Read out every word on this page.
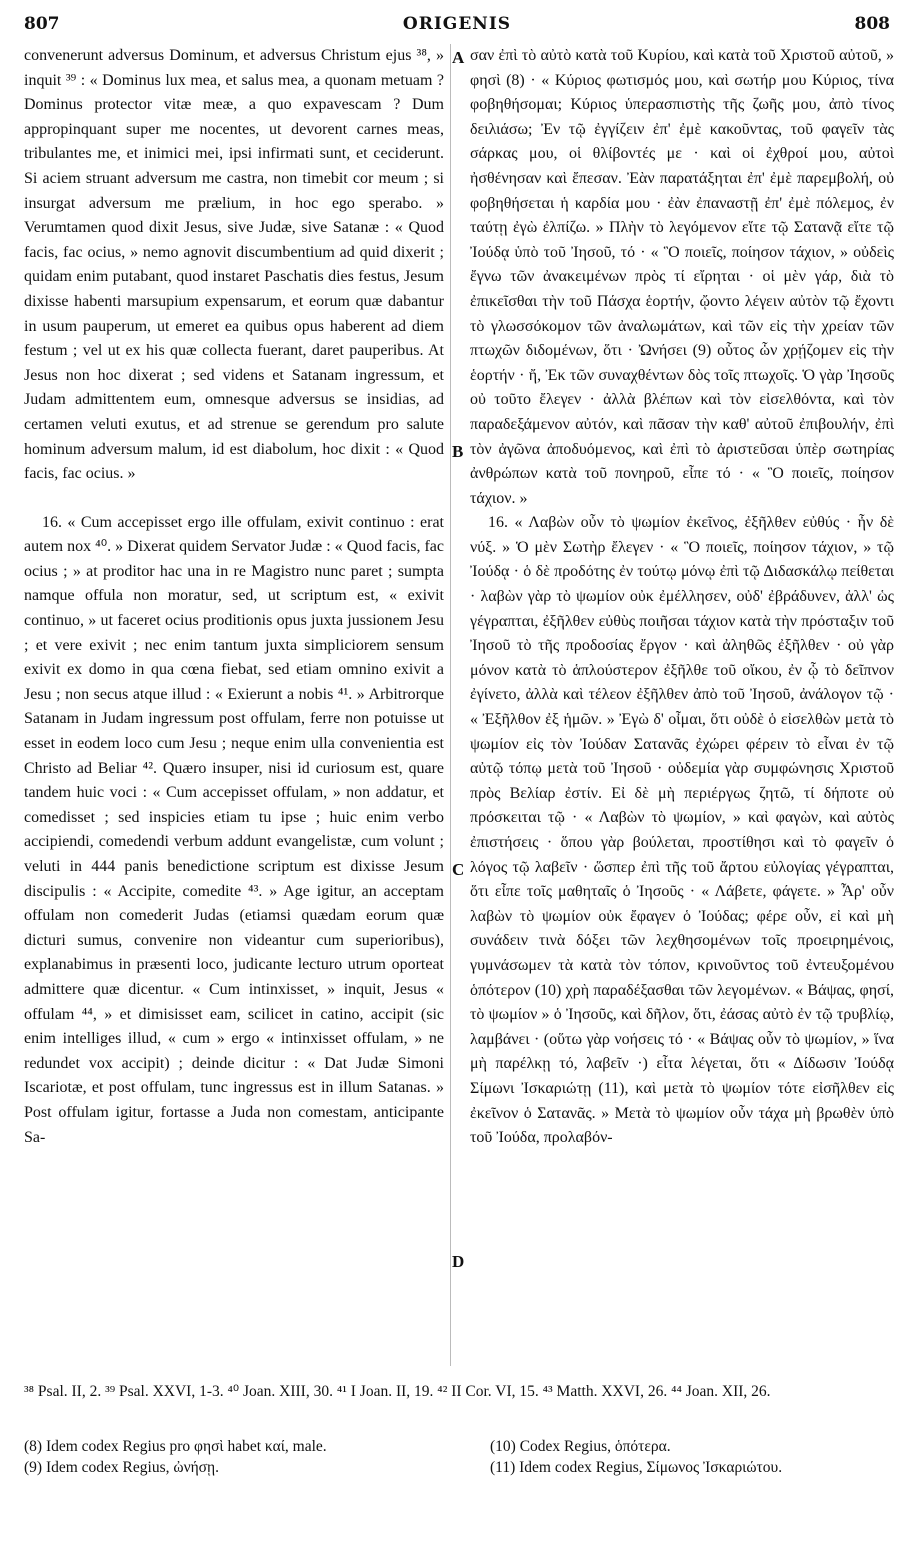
807	ORIGENIS	808
A
B
C
D

convenerunt adversus Dominum, et adversus Christum ejus ³⁸, » inquit ³⁹ : « Dominus lux mea, et salus mea, a quonam metuam ? Dominus protector vitæ meæ, a quo expavescam ? Dum appropinquant super me nocentes, ut devorent carnes meas, tribulantes me, et inimici mei, ipsi infirmati sunt, et ceciderunt. Si aciem struant adversum me castra, non timebit cor meum ; si insurgat adversum me prælium, in hoc ego sperabo. » Verumtamen quod dixit Jesus, sive Judæ, sive Satanæ : « Quod facis, fac ocius, » nemo agnovit discumbentium ad quid dixerit ; quidam enim putabant, quod instaret Paschatis dies festus, Jesum dixisse habenti marsupium expensarum, et eorum quæ dabantur in usum pauperum, ut emeret ea quibus opus haberent ad diem festum ; vel ut ex his quæ collecta fuerant, daret pauperibus. At Jesus non hoc dixerat ; sed videns et Satanam ingressum, et Judam admittentem eum, omnesque adversus se insidias, ad certamen veluti exutus, et ad strenue se gerendum pro salute hominum adversum malum, id est diabolum, hoc dixit : « Quod facis, fac ocius. »

16. « Cum accepisset ergo ille offulam, exivit continuo : erat autem nox ⁴⁰. » Dixerat quidem Servator Judæ : « Quod facis, fac ocius ; » at proditor hac una in re Magistro nunc paret ; sumpta namque offula non moratur, sed, ut scriptum est, « exivit continuo, » ut faceret ocius proditionis opus juxta jussionem Jesu ; et vere exivit ; nec enim tantum juxta simpliciorem sensum exivit ex domo in qua cœna fiebat, sed etiam omnino exivit a Jesu ; non secus atque illud : « Exierunt a nobis ⁴¹. » Arbitrorque Satanam in Judam ingressum post offulam, ferre non potuisse ut esset in eodem loco cum Jesu ; neque enim ulla convenientia est Christo ad Beliar ⁴². Quæro insuper, nisi id curiosum est, quare tandem huic voci : « Cum accepisset offulam, » non addatur, et comedisset ; sed inspicies etiam tu ipse ; huic enim verbo accipiendi, comedendi verbum addunt evangelistæ, cum volunt ; veluti in 444 panis benedictione scriptum est dixisse Jesum discipulis : « Accipite, comedite ⁴³. » Age igitur, an acceptam offulam non comederit Judas (etiamsi quædam eorum quæ dicturi sumus, convenire non videantur cum superioribus), explanabimus in præsenti loco, judicante lecturo utrum oporteat admittere quæ dicentur. « Cum intinxisset, » inquit, Jesus « offulam ⁴⁴, » et dimisisset eam, scilicet in catino, accipit (sic enim intelliges illud, « cum » ergo « intinxisset offulam, » ne redundet vox accipit) ; deinde dicitur : « Dat Judæ Simoni Iscariotæ, et post offulam, tunc ingressus est in illum Satanas. » Post offulam igitur, fortasse a Juda non comestam, anticipante Sa-

σαν ἐπὶ τὸ αὐτὸ κατὰ τοῦ Κυρίου, καὶ κατὰ τοῦ Χριστοῦ αὐτοῦ, » φησὶ (8) · « Κύριος φωτισμός μου, καὶ σωτήρ μου Κύριος, τίνα φοβηθήσομαι; Κύριος ὑπερασπιστὴς τῆς ζωῆς μου, ἀπὸ τίνος δειλιάσω; Ἐν τῷ ἐγγίζειν ἐπ' ἐμὲ κακοῦντας, τοῦ φαγεῖν τὰς σάρκας μου, οἱ θλίβοντές με · καὶ οἱ ἐχθροί μου, αὐτοὶ ἠσθένησαν καὶ ἔπεσαν. Ἐὰν παρατάξηται ἐπ' ἐμὲ παρεμβολή, οὐ φοβηθήσεται ἡ καρδία μου · ἐὰν ἐπαναστῇ ἐπ' ἐμὲ πόλεμος, ἐν ταύτῃ ἐγὼ ἐλπίζω. » Πλὴν τὸ λεγόμενον εἴτε τῷ Σατανᾷ εἴτε τῷ Ἰούδᾳ ὑπὸ τοῦ Ἰησοῦ, τό · « Ὃ ποιεῖς, ποίησον τάχιον, » οὐδεὶς ἔγνω τῶν ἀνακειμένων πρὸς τί εἴρηται · οἱ μὲν γάρ, διὰ τὸ ἐπικεῖσθαι τὴν τοῦ Πάσχα ἑορτήν, ᾤοντο λέγειν αὐτὸν τῷ ἔχοντι τὸ γλωσσόκομον τῶν ἀναλωμάτων, καὶ τῶν εἰς τὴν χρείαν τῶν πτωχῶν διδομένων, ὅτι · Ὠνήσει (9) οὗτος ὧν χρῄζομεν εἰς τὴν ἑορτήν · ἤ, Ἐκ τῶν συναχθέντων δὸς τοῖς πτωχοῖς. Ὁ γὰρ Ἰησοῦς οὐ τοῦτο ἔλεγεν · ἀλλὰ βλέπων καὶ τὸν εἰσελθόντα, καὶ τὸν παραδεξάμενον αὐτόν, καὶ πᾶσαν τὴν καθ' αὐτοῦ ἐπιβουλήν, ἐπὶ τὸν ἀγῶνα ἀποδυόμενος, καὶ ἐπὶ τὸ ἀριστεῦσαι ὑπὲρ σωτηρίας ἀνθρώπων κατὰ τοῦ πονηροῦ, εἶπε τό · « Ὃ ποιεῖς, ποίησον τάχιον. »

16. « Λαβὼν οὖν τὸ ψωμίον ἐκεῖνος, ἐξῆλθεν εὐθύς · ἦν δὲ νύξ. » Ὁ μὲν Σωτὴρ ἔλεγεν · « Ὃ ποιεῖς, ποίησον τάχιον, » τῷ Ἰούδᾳ · ὁ δὲ προδότης ἐν τούτῳ μόνῳ ἐπὶ τῷ Διδασκάλῳ πείθεται · λαβὼν γὰρ τὸ ψωμίον οὐκ ἐμέλλησεν, οὐδ' ἐβράδυνεν, ἀλλ' ὡς γέγραπται, ἐξῆλθεν εὐθὺς ποιῆσαι τάχιον κατὰ τὴν πρόσταξιν τοῦ Ἰησοῦ τὸ τῆς προδοσίας ἔργον · καὶ ἀληθῶς ἐξῆλθεν · οὐ γὰρ μόνον κατὰ τὸ ἁπλούστερον ἐξῆλθε τοῦ οἴκου, ἐν ᾧ τὸ δεῖπνον ἐγίνετο, ἀλλὰ καὶ τέλεον ἐξῆλθεν ἀπὸ τοῦ Ἰησοῦ, ἀνάλογον τῷ · « Ἐξῆλθον ἐξ ἡμῶν. » Ἐγὼ δ' οἶμαι, ὅτι οὐδὲ ὁ εἰσελθὼν μετὰ τὸ ψωμίον εἰς τὸν Ἰούδαν Σατανᾶς ἐχώρει φέρειν τὸ εἶναι ἐν τῷ αὐτῷ τόπῳ μετὰ τοῦ Ἰησοῦ · οὐδεμία γὰρ συμφώνησις Χριστοῦ πρὸς Βελίαρ ἐστίν. Εἰ δὲ μὴ περιέργως ζητῶ, τί δήποτε οὐ πρόσκειται τῷ · « Λαβὼν τὸ ψωμίον, » καὶ φαγὼν, καὶ αὐτὸς ἐπιστήσεις · ὅπου γὰρ βούλεται, προστίθησι καὶ τὸ φαγεῖν ὁ λόγος τῷ λαβεῖν · ὥσπερ ἐπὶ τῆς τοῦ ἄρτου εὐλογίας γέγραπται, ὅτι εἶπε τοῖς μαθηταῖς ὁ Ἰησοῦς · « Λάβετε, φάγετε. » Ἆρ' οὖν λαβὼν τὸ ψωμίον οὐκ ἔφαγεν ὁ Ἰούδας; φέρε οὖν, εἰ καὶ μὴ συνάδειν τινὰ δόξει τῶν λεχθησομένων τοῖς προειρημένοις, γυμνάσωμεν τὰ κατὰ τὸν τόπον, κρινοῦντος τοῦ ἐντευξομένου ὁπότερον (10) χρὴ παραδέξασθαι τῶν λεγομένων. « Βάψας, φησί, τὸ ψωμίον » ὁ Ἰησοῦς, καὶ δῆλον, ὅτι, ἐάσας αὐτὸ ἐν τῷ τρυβλίῳ, λαμβάνει · (οὕτω γὰρ νοήσεις τό · « Βάψας οὖν τὸ ψωμίον, » ἵνα μὴ παρέλκῃ τό, λαβεῖν ·) εἶτα λέγεται, ὅτι « Δίδωσιν Ἰούδᾳ Σίμωνι Ἰσκαριώτῃ (11), καὶ μετὰ τὸ ψωμίον τότε εἰσῆλθεν εἰς ἐκεῖνον ὁ Σατανᾶς. » Μετὰ τὸ ψωμίον οὖν τάχα μὴ βρωθὲν ὑπὸ τοῦ Ἰούδα, προλαβόν-

³⁸ Psal. II, 2. ³⁹ Psal. XXVI, 1-3. ⁴⁰ Joan. XIII, 30. ⁴¹ I Joan. II, 19. ⁴² II Cor. VI, 15. ⁴³ Matth. XXVI, 26. ⁴⁴ Joan. XII, 26.

(8) Idem codex Regius pro φησὶ habet καί, male.

(9) Idem codex Regius, ὠνήσῃ.

(10) Codex Regius, ὁπότερα.

(11) Idem codex Regius, Σίμωνος Ἰσκαριώτου.
